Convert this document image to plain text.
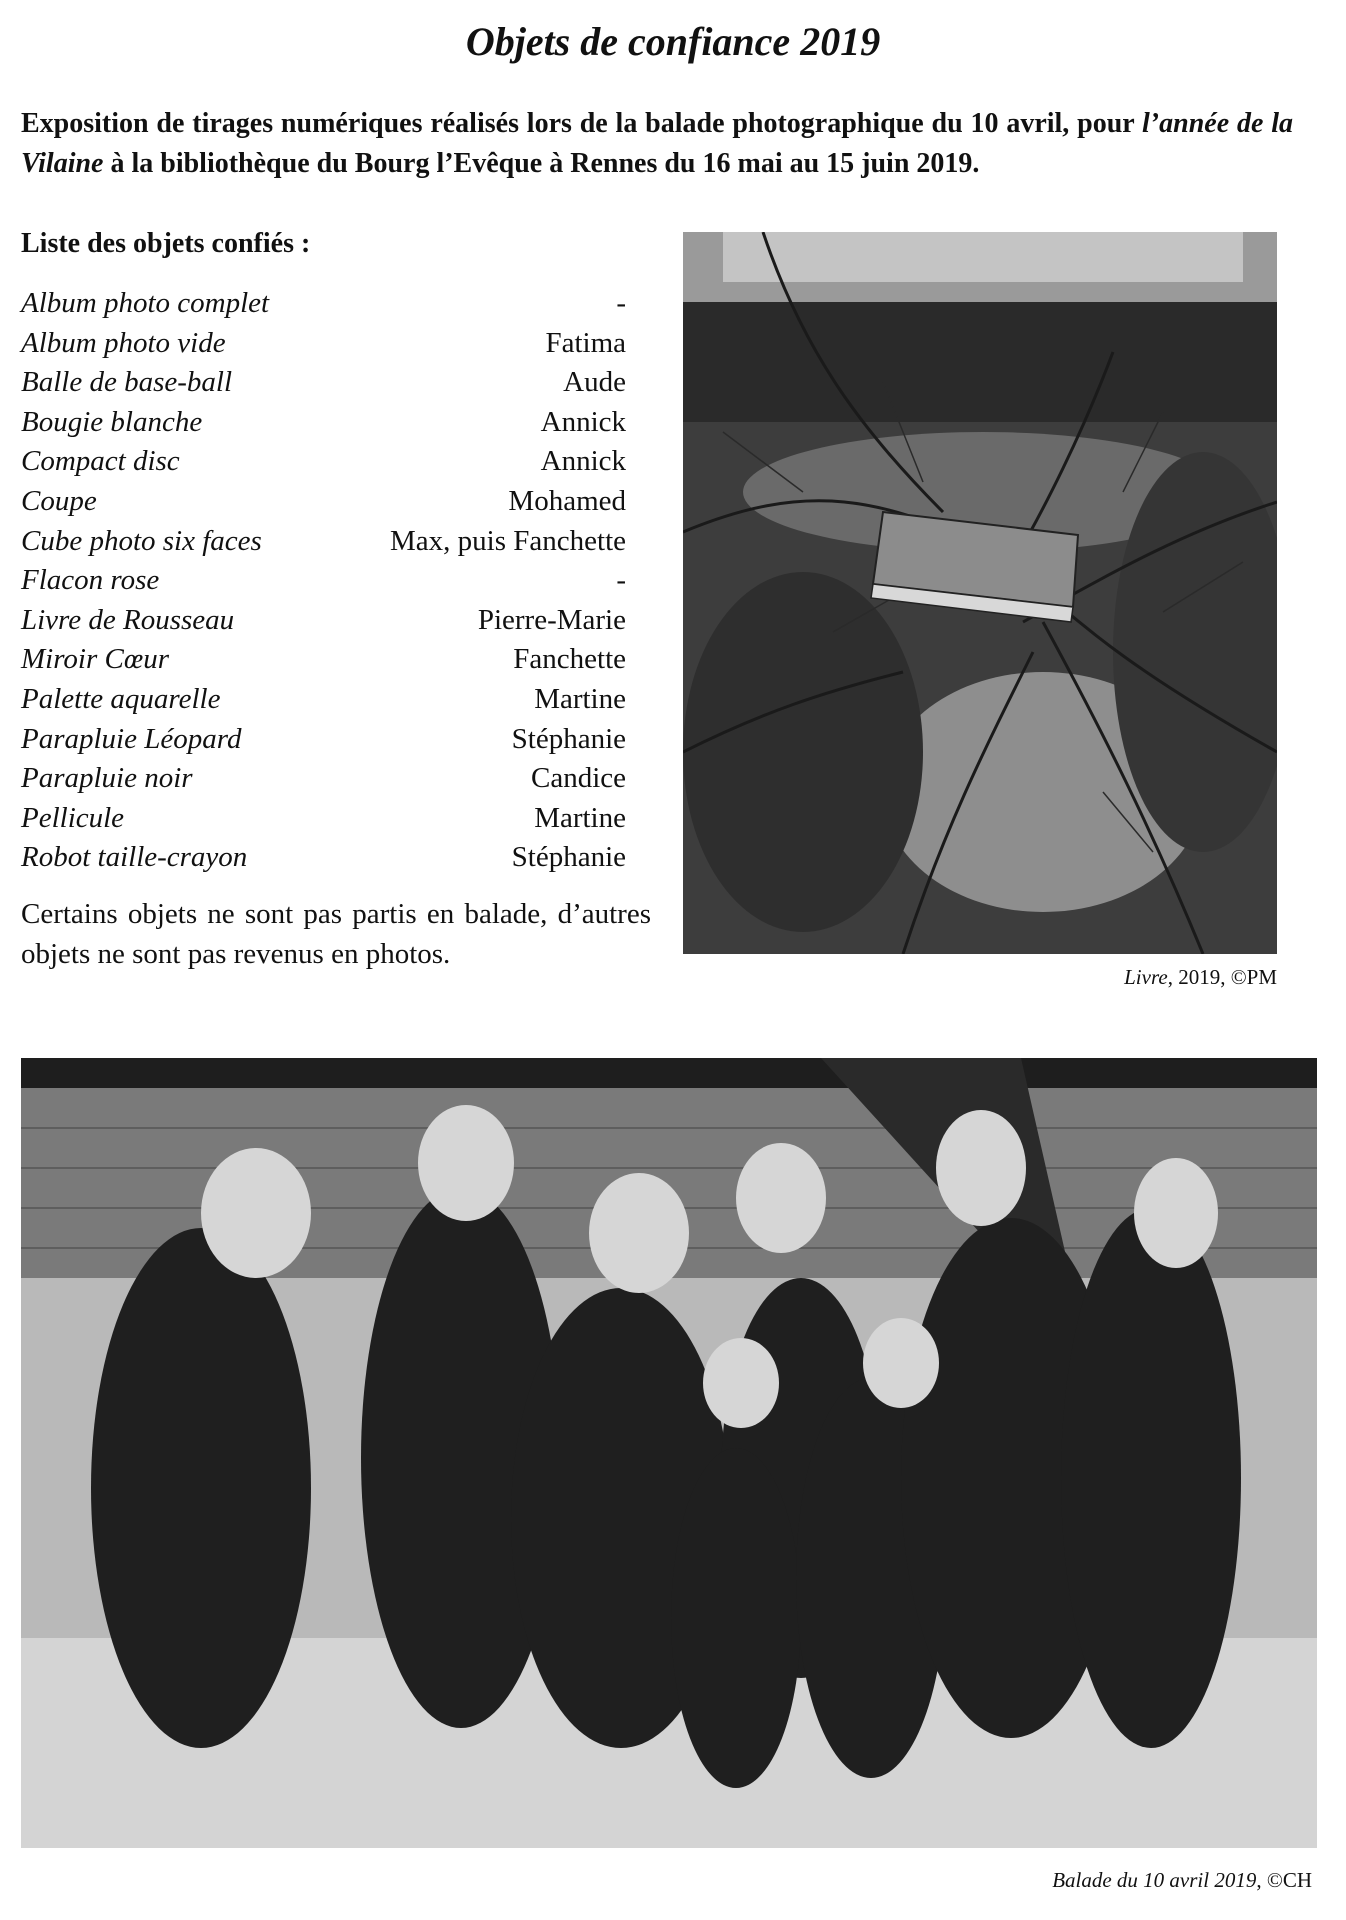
Objets de confiance 2019
Exposition de tirages numériques réalisés lors de la balade photographique du 10 avril, pour l’année de la Vilaine à la bibliothèque du Bourg l’Evêque à Rennes du 16 mai au 15 juin 2019.
Liste des objets confiés :
Album photo complet	-
Album photo vide	Fatima
Balle de base-ball	Aude
Bougie blanche	Annick
Compact disc	Annick
Coupe	Mohamed
Cube photo six faces	Max, puis Fanchette
Flacon rose	-
Livre de Rousseau	Pierre-Marie
Miroir Cœur	Fanchette
Palette aquarelle	Martine
Parapluie Léopard	Stéphanie
Parapluie noir	Candice
Pellicule	Martine
Robot taille-crayon	Stéphanie
Certains objets ne sont pas partis en balade, d’autres objets ne sont pas revenus en photos.
Livre, 2019, ©PM
Balade du 10 avril 2019, ©CH
